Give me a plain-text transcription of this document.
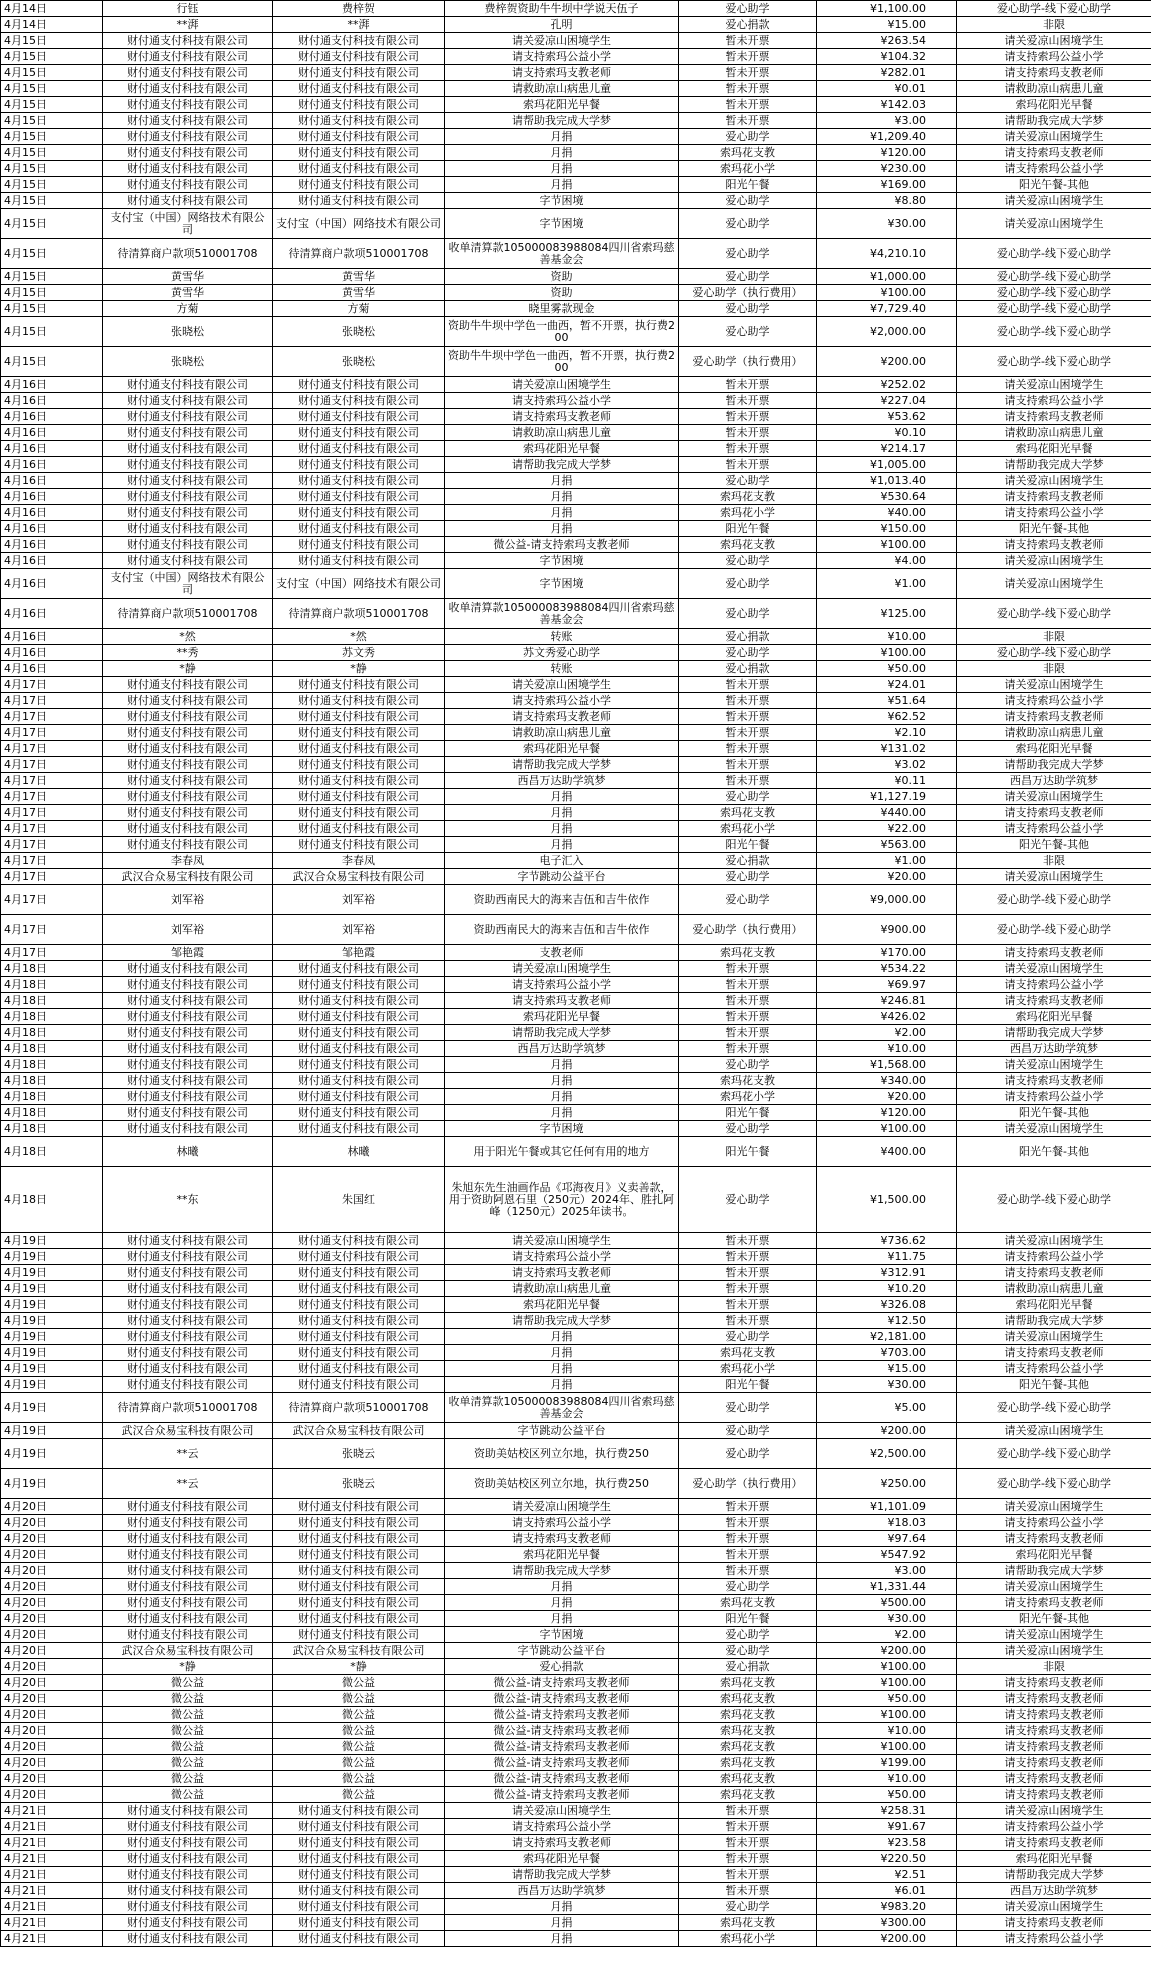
4月14日	行钰	费梓贺	费梓贺资助牛牛坝中学说天伍子	爱心助学	¥1,100.00	爱心助学-线下爱心助学
4月14日	**湃	**湃	孔明	爱心捐款	¥15.00	非限
4月15日	财付通支付科技有限公司	财付通支付科技有限公司	请关爱凉山困境学生	暂未开票	¥263.54	请关爱凉山困境学生
4月15日	财付通支付科技有限公司	财付通支付科技有限公司	请支持索玛公益小学	暂未开票	¥104.32	请支持索玛公益小学
4月15日	财付通支付科技有限公司	财付通支付科技有限公司	请支持索玛支教老师	暂未开票	¥282.01	请支持索玛支教老师
4月15日	财付通支付科技有限公司	财付通支付科技有限公司	请救助凉山病患儿童	暂未开票	¥0.01	请救助凉山病患儿童
4月15日	财付通支付科技有限公司	财付通支付科技有限公司	索玛花阳光早餐	暂未开票	¥142.03	索玛花阳光早餐
4月15日	财付通支付科技有限公司	财付通支付科技有限公司	请帮助我完成大学梦	暂未开票	¥3.00	请帮助我完成大学梦
4月15日	财付通支付科技有限公司	财付通支付科技有限公司	月捐	爱心助学	¥1,209.40	请关爱凉山困境学生
4月15日	财付通支付科技有限公司	财付通支付科技有限公司	月捐	索玛花支教	¥120.00	请支持索玛支教老师
4月15日	财付通支付科技有限公司	财付通支付科技有限公司	月捐	索玛花小学	¥230.00	请支持索玛公益小学
4月15日	财付通支付科技有限公司	财付通支付科技有限公司	月捐	阳光午餐	¥169.00	阳光午餐-其他
4月15日	财付通支付科技有限公司	财付通支付科技有限公司	字节困境	爱心助学	¥8.80	请关爱凉山困境学生
4月15日	支付宝（中国）网络技术有限公司	支付宝（中国）网络技术有限公司	字节困境	爱心助学	¥30.00	请关爱凉山困境学生
4月15日	待清算商户款项510001708	待清算商户款项510001708	收单清算款105000083988084四川省索玛慈善基金会	爱心助学	¥4,210.10	爱心助学-线下爱心助学
4月15日	黄雪华	黄雪华	资助	爱心助学	¥1,000.00	爱心助学-线下爱心助学
4月15日	黄雪华	黄雪华	资助	爱心助学（执行费用）	¥100.00	爱心助学-线下爱心助学
4月15日	方菊	方菊	晓里雾款现金	爱心助学	¥7,729.40	爱心助学-线下爱心助学
4月15日	张晓松	张晓松	资助牛牛坝中学色一曲西，暂不开票，执行费200	爱心助学	¥2,000.00	爱心助学-线下爱心助学
4月15日	张晓松	张晓松	资助牛牛坝中学色一曲西，暂不开票，执行费200	爱心助学（执行费用）	¥200.00	爱心助学-线下爱心助学
4月16日	财付通支付科技有限公司	财付通支付科技有限公司	请关爱凉山困境学生	暂未开票	¥252.02	请关爱凉山困境学生
4月16日	财付通支付科技有限公司	财付通支付科技有限公司	请支持索玛公益小学	暂未开票	¥227.04	请支持索玛公益小学
4月16日	财付通支付科技有限公司	财付通支付科技有限公司	请支持索玛支教老师	暂未开票	¥53.62	请支持索玛支教老师
4月16日	财付通支付科技有限公司	财付通支付科技有限公司	请救助凉山病患儿童	暂未开票	¥0.10	请救助凉山病患儿童
4月16日	财付通支付科技有限公司	财付通支付科技有限公司	索玛花阳光早餐	暂未开票	¥214.17	索玛花阳光早餐
4月16日	财付通支付科技有限公司	财付通支付科技有限公司	请帮助我完成大学梦	暂未开票	¥1,005.00	请帮助我完成大学梦
4月16日	财付通支付科技有限公司	财付通支付科技有限公司	月捐	爱心助学	¥1,013.40	请关爱凉山困境学生
4月16日	财付通支付科技有限公司	财付通支付科技有限公司	月捐	索玛花支教	¥530.64	请支持索玛支教老师
4月16日	财付通支付科技有限公司	财付通支付科技有限公司	月捐	索玛花小学	¥40.00	请支持索玛公益小学
4月16日	财付通支付科技有限公司	财付通支付科技有限公司	月捐	阳光午餐	¥150.00	阳光午餐-其他
4月16日	财付通支付科技有限公司	财付通支付科技有限公司	微公益-请支持索玛支教老师	索玛花支教	¥100.00	请支持索玛支教老师
4月16日	财付通支付科技有限公司	财付通支付科技有限公司	字节困境	爱心助学	¥4.00	请关爱凉山困境学生
4月16日	支付宝（中国）网络技术有限公司	支付宝（中国）网络技术有限公司	字节困境	爱心助学	¥1.00	请关爱凉山困境学生
4月16日	待清算商户款项510001708	待清算商户款项510001708	收单清算款105000083988084四川省索玛慈善基金会	爱心助学	¥125.00	爱心助学-线下爱心助学
4月16日	*然	*然	转账	爱心捐款	¥10.00	非限
4月16日	**秀	苏文秀	苏文秀爱心助学	爱心助学	¥100.00	爱心助学-线下爱心助学
4月16日	*静	*静	转账	爱心捐款	¥50.00	非限
4月17日	财付通支付科技有限公司	财付通支付科技有限公司	请关爱凉山困境学生	暂未开票	¥24.01	请关爱凉山困境学生
4月17日	财付通支付科技有限公司	财付通支付科技有限公司	请支持索玛公益小学	暂未开票	¥51.64	请支持索玛公益小学
4月17日	财付通支付科技有限公司	财付通支付科技有限公司	请支持索玛支教老师	暂未开票	¥62.52	请支持索玛支教老师
4月17日	财付通支付科技有限公司	财付通支付科技有限公司	请救助凉山病患儿童	暂未开票	¥2.10	请救助凉山病患儿童
4月17日	财付通支付科技有限公司	财付通支付科技有限公司	索玛花阳光早餐	暂未开票	¥131.02	索玛花阳光早餐
4月17日	财付通支付科技有限公司	财付通支付科技有限公司	请帮助我完成大学梦	暂未开票	¥3.02	请帮助我完成大学梦
4月17日	财付通支付科技有限公司	财付通支付科技有限公司	西昌万达助学筑梦	暂未开票	¥0.11	西昌万达助学筑梦
4月17日	财付通支付科技有限公司	财付通支付科技有限公司	月捐	爱心助学	¥1,127.19	请关爱凉山困境学生
4月17日	财付通支付科技有限公司	财付通支付科技有限公司	月捐	索玛花支教	¥440.00	请支持索玛支教老师
4月17日	财付通支付科技有限公司	财付通支付科技有限公司	月捐	索玛花小学	¥22.00	请支持索玛公益小学
4月17日	财付通支付科技有限公司	财付通支付科技有限公司	月捐	阳光午餐	¥563.00	阳光午餐-其他
4月17日	李春凤	李春凤	电子汇入	爱心捐款	¥1.00	非限
4月17日	武汉合众易宝科技有限公司	武汉合众易宝科技有限公司	字节跳动公益平台	爱心助学	¥20.00	请关爱凉山困境学生
4月17日	刘军裕	刘军裕	资助西南民大的海来吉伍和吉牛依作	爱心助学	¥9,000.00	爱心助学-线下爱心助学
4月17日	刘军裕	刘军裕	资助西南民大的海来吉伍和吉牛依作	爱心助学（执行费用）	¥900.00	爱心助学-线下爱心助学
4月17日	邹艳霞	邹艳霞	支教老师	索玛花支教	¥170.00	请支持索玛支教老师
4月18日	财付通支付科技有限公司	财付通支付科技有限公司	请关爱凉山困境学生	暂未开票	¥534.22	请关爱凉山困境学生
4月18日	财付通支付科技有限公司	财付通支付科技有限公司	请支持索玛公益小学	暂未开票	¥69.97	请支持索玛公益小学
4月18日	财付通支付科技有限公司	财付通支付科技有限公司	请支持索玛支教老师	暂未开票	¥246.81	请支持索玛支教老师
4月18日	财付通支付科技有限公司	财付通支付科技有限公司	索玛花阳光早餐	暂未开票	¥426.02	索玛花阳光早餐
4月18日	财付通支付科技有限公司	财付通支付科技有限公司	请帮助我完成大学梦	暂未开票	¥2.00	请帮助我完成大学梦
4月18日	财付通支付科技有限公司	财付通支付科技有限公司	西昌万达助学筑梦	暂未开票	¥10.00	西昌万达助学筑梦
4月18日	财付通支付科技有限公司	财付通支付科技有限公司	月捐	爱心助学	¥1,568.00	请关爱凉山困境学生
4月18日	财付通支付科技有限公司	财付通支付科技有限公司	月捐	索玛花支教	¥340.00	请支持索玛支教老师
4月18日	财付通支付科技有限公司	财付通支付科技有限公司	月捐	索玛花小学	¥20.00	请支持索玛公益小学
4月18日	财付通支付科技有限公司	财付通支付科技有限公司	月捐	阳光午餐	¥120.00	阳光午餐-其他
4月18日	财付通支付科技有限公司	财付通支付科技有限公司	字节困境	爱心助学	¥100.00	请关爱凉山困境学生
4月18日	林曦	林曦	用于阳光午餐或其它任何有用的地方	阳光午餐	¥400.00	阳光午餐-其他
4月18日	**东	朱国红	朱旭东先生油画作品《邛海夜月》义卖善款，用于资助阿恩石里（250元）2024年、胜扎阿峰（1250元）2025年读书。	爱心助学	¥1,500.00	爱心助学-线下爱心助学
4月19日	财付通支付科技有限公司	财付通支付科技有限公司	请关爱凉山困境学生	暂未开票	¥736.62	请关爱凉山困境学生
4月19日	财付通支付科技有限公司	财付通支付科技有限公司	请支持索玛公益小学	暂未开票	¥11.75	请支持索玛公益小学
4月19日	财付通支付科技有限公司	财付通支付科技有限公司	请支持索玛支教老师	暂未开票	¥312.91	请支持索玛支教老师
4月19日	财付通支付科技有限公司	财付通支付科技有限公司	请救助凉山病患儿童	暂未开票	¥10.20	请救助凉山病患儿童
4月19日	财付通支付科技有限公司	财付通支付科技有限公司	索玛花阳光早餐	暂未开票	¥326.08	索玛花阳光早餐
4月19日	财付通支付科技有限公司	财付通支付科技有限公司	请帮助我完成大学梦	暂未开票	¥12.50	请帮助我完成大学梦
4月19日	财付通支付科技有限公司	财付通支付科技有限公司	月捐	爱心助学	¥2,181.00	请关爱凉山困境学生
4月19日	财付通支付科技有限公司	财付通支付科技有限公司	月捐	索玛花支教	¥703.00	请支持索玛支教老师
4月19日	财付通支付科技有限公司	财付通支付科技有限公司	月捐	索玛花小学	¥15.00	请支持索玛公益小学
4月19日	财付通支付科技有限公司	财付通支付科技有限公司	月捐	阳光午餐	¥30.00	阳光午餐-其他
4月19日	待清算商户款项510001708	待清算商户款项510001708	收单清算款105000083988084四川省索玛慈善基金会	爱心助学	¥5.00	爱心助学-线下爱心助学
4月19日	武汉合众易宝科技有限公司	武汉合众易宝科技有限公司	字节跳动公益平台	爱心助学	¥200.00	请关爱凉山困境学生
4月19日	**云	张晓云	资助美姑校区列立尔地，执行费250	爱心助学	¥2,500.00	爱心助学-线下爱心助学
4月19日	**云	张晓云	资助美姑校区列立尔地，执行费250	爱心助学（执行费用）	¥250.00	爱心助学-线下爱心助学
4月20日	财付通支付科技有限公司	财付通支付科技有限公司	请关爱凉山困境学生	暂未开票	¥1,101.09	请关爱凉山困境学生
4月20日	财付通支付科技有限公司	财付通支付科技有限公司	请支持索玛公益小学	暂未开票	¥18.03	请支持索玛公益小学
4月20日	财付通支付科技有限公司	财付通支付科技有限公司	请支持索玛支教老师	暂未开票	¥97.64	请支持索玛支教老师
4月20日	财付通支付科技有限公司	财付通支付科技有限公司	索玛花阳光早餐	暂未开票	¥547.92	索玛花阳光早餐
4月20日	财付通支付科技有限公司	财付通支付科技有限公司	请帮助我完成大学梦	暂未开票	¥3.00	请帮助我完成大学梦
4月20日	财付通支付科技有限公司	财付通支付科技有限公司	月捐	爱心助学	¥1,331.44	请关爱凉山困境学生
4月20日	财付通支付科技有限公司	财付通支付科技有限公司	月捐	索玛花支教	¥500.00	请支持索玛支教老师
4月20日	财付通支付科技有限公司	财付通支付科技有限公司	月捐	阳光午餐	¥30.00	阳光午餐-其他
4月20日	财付通支付科技有限公司	财付通支付科技有限公司	字节困境	爱心助学	¥2.00	请关爱凉山困境学生
4月20日	武汉合众易宝科技有限公司	武汉合众易宝科技有限公司	字节跳动公益平台	爱心助学	¥200.00	请关爱凉山困境学生
4月20日	*静	*静	爱心捐款	爱心捐款	¥100.00	非限
4月20日	微公益	微公益	微公益-请支持索玛支教老师	索玛花支教	¥100.00	请支持索玛支教老师
4月20日	微公益	微公益	微公益-请支持索玛支教老师	索玛花支教	¥50.00	请支持索玛支教老师
4月20日	微公益	微公益	微公益-请支持索玛支教老师	索玛花支教	¥100.00	请支持索玛支教老师
4月20日	微公益	微公益	微公益-请支持索玛支教老师	索玛花支教	¥10.00	请支持索玛支教老师
4月20日	微公益	微公益	微公益-请支持索玛支教老师	索玛花支教	¥100.00	请支持索玛支教老师
4月20日	微公益	微公益	微公益-请支持索玛支教老师	索玛花支教	¥199.00	请支持索玛支教老师
4月20日	微公益	微公益	微公益-请支持索玛支教老师	索玛花支教	¥10.00	请支持索玛支教老师
4月20日	微公益	微公益	微公益-请支持索玛支教老师	索玛花支教	¥50.00	请支持索玛支教老师
4月21日	财付通支付科技有限公司	财付通支付科技有限公司	请关爱凉山困境学生	暂未开票	¥258.31	请关爱凉山困境学生
4月21日	财付通支付科技有限公司	财付通支付科技有限公司	请支持索玛公益小学	暂未开票	¥91.67	请支持索玛公益小学
4月21日	财付通支付科技有限公司	财付通支付科技有限公司	请支持索玛支教老师	暂未开票	¥23.58	请支持索玛支教老师
4月21日	财付通支付科技有限公司	财付通支付科技有限公司	索玛花阳光早餐	暂未开票	¥220.50	索玛花阳光早餐
4月21日	财付通支付科技有限公司	财付通支付科技有限公司	请帮助我完成大学梦	暂未开票	¥2.51	请帮助我完成大学梦
4月21日	财付通支付科技有限公司	财付通支付科技有限公司	西昌万达助学筑梦	暂未开票	¥6.01	西昌万达助学筑梦
4月21日	财付通支付科技有限公司	财付通支付科技有限公司	月捐	爱心助学	¥983.20	请关爱凉山困境学生
4月21日	财付通支付科技有限公司	财付通支付科技有限公司	月捐	索玛花支教	¥300.00	请支持索玛支教老师
4月21日	财付通支付科技有限公司	财付通支付科技有限公司	月捐	索玛花小学	¥200.00	请支持索玛公益小学
